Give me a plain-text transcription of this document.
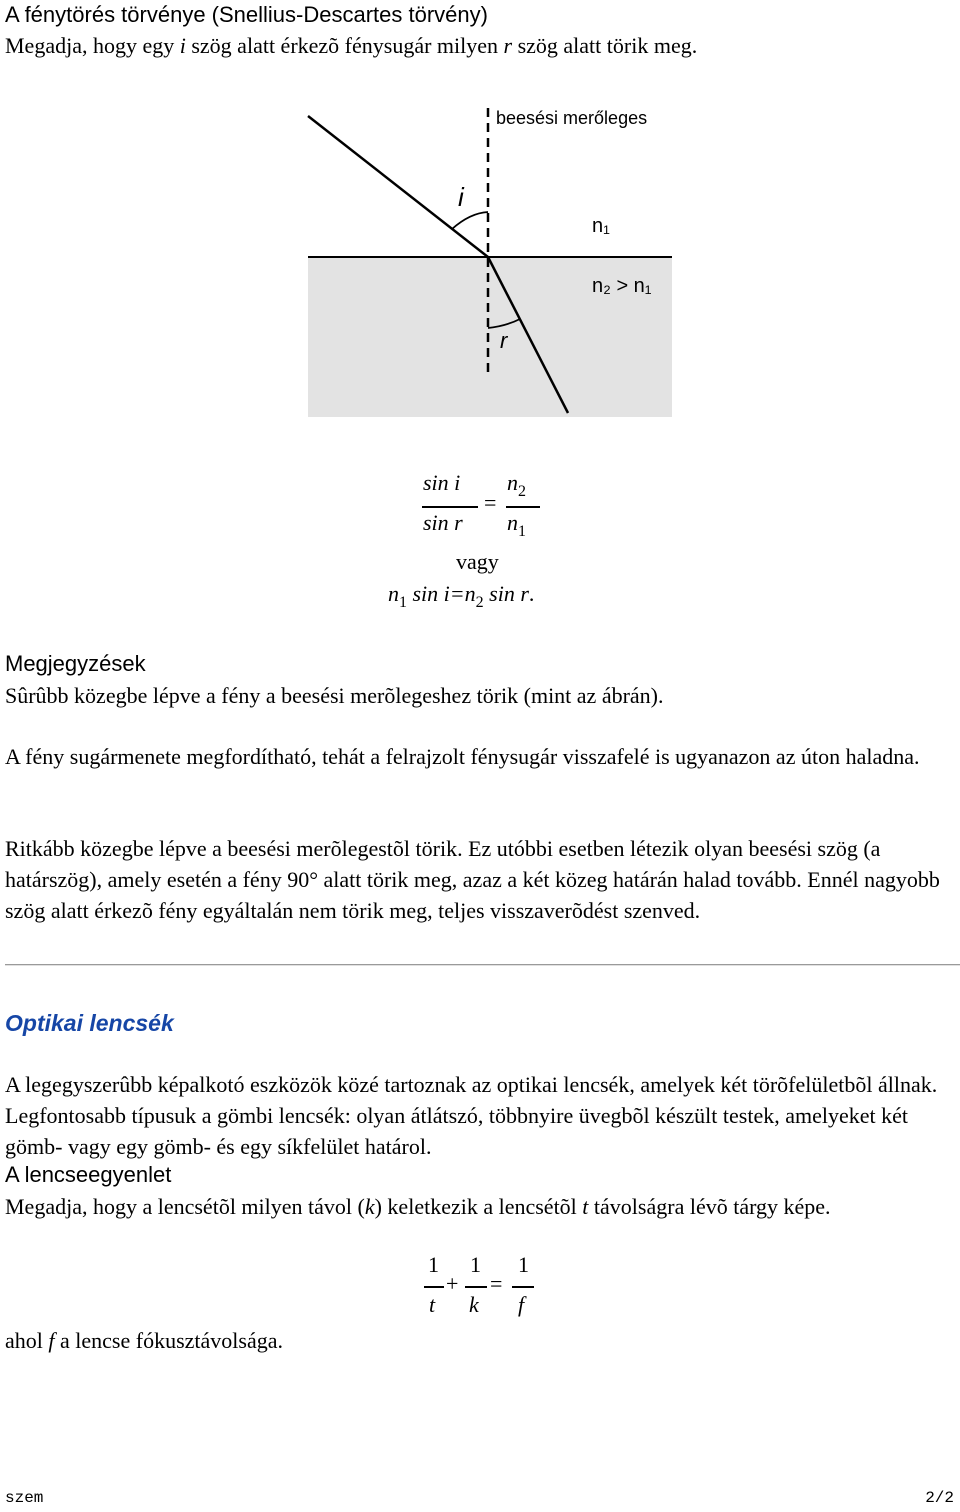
A fénytörés törvénye (Snellius-Descartes törvény)
Megadja, hogy egy i szög alatt érkezõ fénysugár milyen r szög alatt törik meg.
beesési merőleges
i
r
n₁
n₂ > n₁
sin i
sin r
=
$n_2$
$n_1$
vagy
$n_1$ $\sin i=n_2$ sin r.
Megjegyzések
Sûrûbb közegbe lépve a fény a beesési merõlegeshez törik (mint az ábrán).
A fény sugármenete megfordítható, tehát a felrajzolt fénysugár visszafelé is ugyanazon az úton haladna.
Ritkább közegbe lépve a beesési merõlegestõl törik. Ez utóbbi esetben létezik olyan beesési szög (a határszög), amely esetén a fény 90° alatt törik meg, azaz a két közeg határán halad tovább. Ennél nagyobb szög alatt érkezõ fény egyáltalán nem törik meg, teljes visszaverõdést szenved.
Optikai lencsék
A legegyszerûbb képalkotó eszközök közé tartoznak az optikai lencsék, amelyek két törõfelületbõl állnak. Legfontosabb típusuk a gömbi lencsék: olyan átlátszó, többnyire üvegbõl készült testek, amelyeket két gömb- vagy egy gömb- és egy síkfelület határol.
A lencseegyenlet
Megadja, hogy a lencsétõl milyen távol (k) keletkezik a lencsétõl t távolságra lévõ tárgy képe.
1
t
+
1
k
=
1
f
ahol f a lencse fókusztávolsága.
szem	2/2
